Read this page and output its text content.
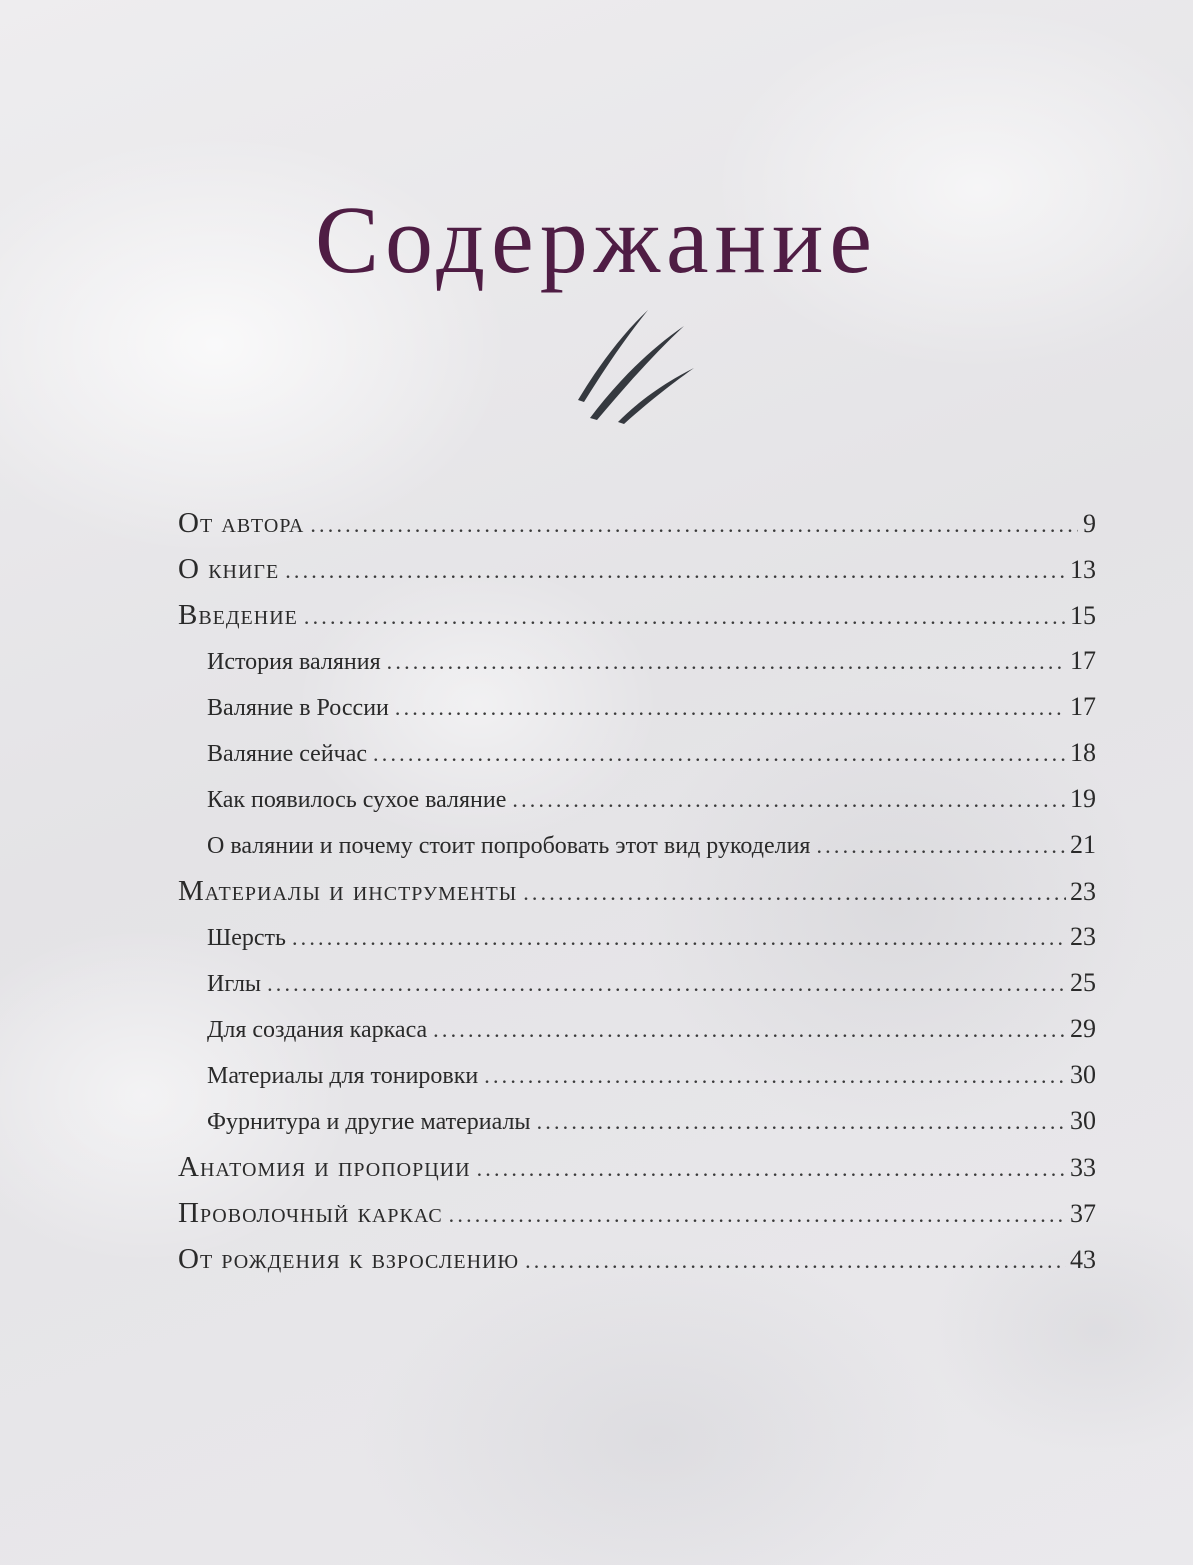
Содержание
От автора .....	9
О книге .....	13
Введение .....	15
История валяния .....	17
Валяние в России .....	17
Валяние сейчас .....	18
Как появилось сухое валяние .....	19
О валянии и почему стоит попробовать этот вид рукоделия .....	21
Материалы и инструменты .....	23
Шерсть .....	23
Иглы .....	25
Для создания каркаса .....	29
Материалы для тонировки .....	30
Фурнитура и другие материалы .....	30
Анатомия и пропорции .....	33
Проволочный каркас .....	37
От рождения к взрослению .....	43
